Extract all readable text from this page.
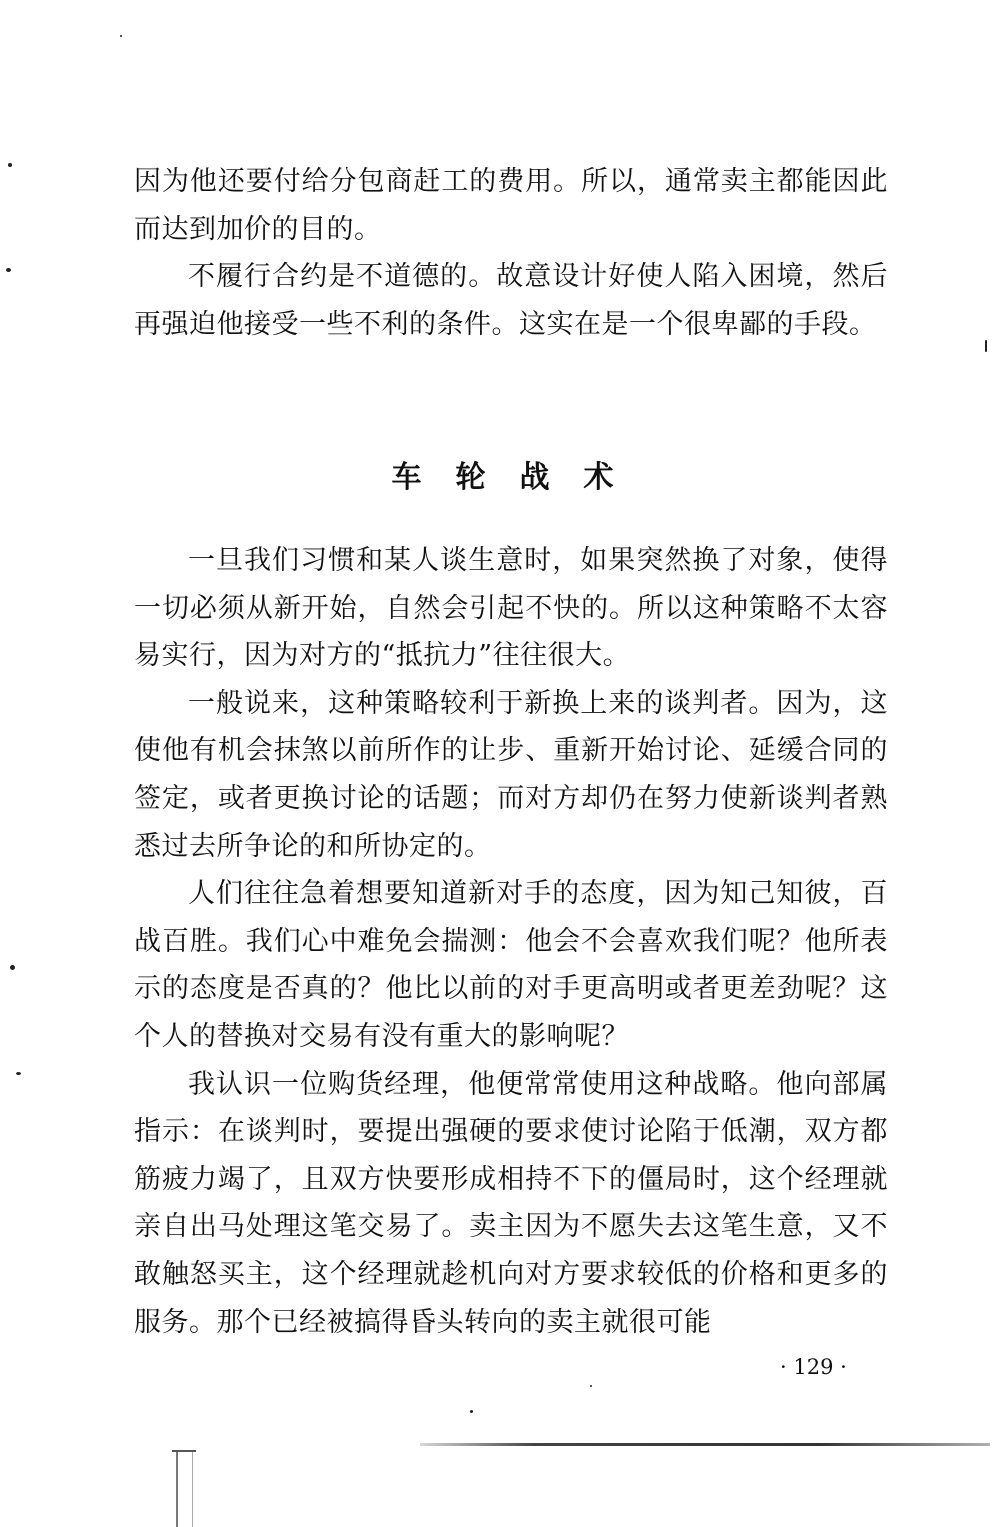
因为他还要付给分包商赶工的费用。所以，通常卖主都能因此而达到加价的目的。

不履行合约是不道德的。故意设计好使人陷入困境，然后再强迫他接受一些不利的条件。这实在是一个很卑鄙的手段。

车轮战术

一旦我们习惯和某人谈生意时，如果突然换了对象，使得一切必须从新开始，自然会引起不快的。所以这种策略不太容易实行，因为对方的“抵抗力”往往很大。

一般说来，这种策略较利于新换上来的谈判者。因为，这使他有机会抹煞以前所作的让步、重新开始讨论、延缓合同的签定，或者更换讨论的话题；而对方却仍在努力使新谈判者熟悉过去所争论的和所协定的。

人们往往急着想要知道新对手的态度，因为知己知彼，百战百胜。我们心中难免会揣测：他会不会喜欢我们呢？他所表示的态度是否真的？他比以前的对手更高明或者更差劲呢？这个人的替换对交易有没有重大的影响呢？

我认识一位购货经理，他便常常使用这种战略。他向部属指示：在谈判时，要提出强硬的要求使讨论陷于低潮，双方都筋疲力竭了，且双方快要形成相持不下的僵局时，这个经理就亲自出马处理这笔交易了。卖主因为不愿失去这笔生意，又不敢触怒买主，这个经理就趁机向对方要求较低的价格和更多的服务。那个已经被搞得昏头转向的卖主就很可能

· 129 ·
